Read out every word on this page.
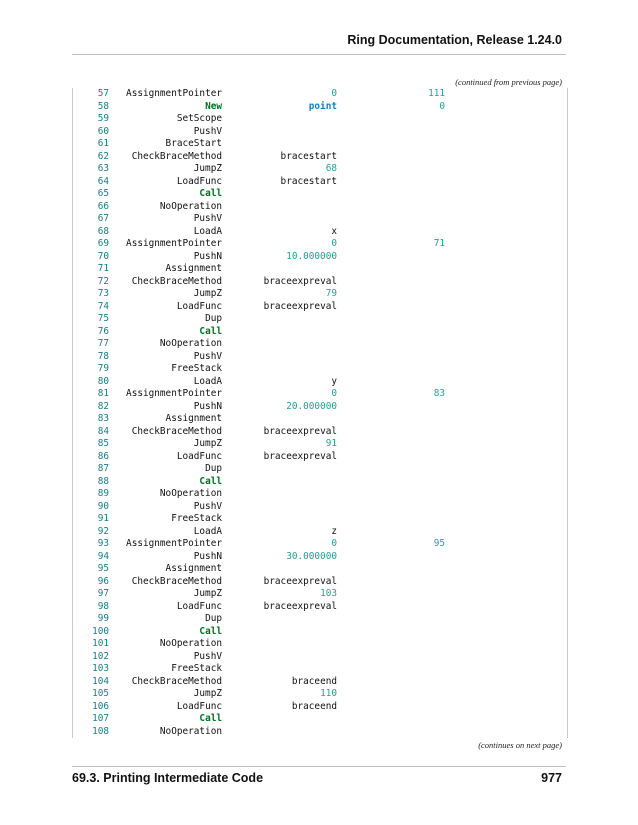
Ring Documentation, Release 1.24.0
(continued from previous page)
57 AssignmentPointer	0	111
58	New	point	0
59	SetScope
60	PushV
61	BraceStart
62 CheckBraceMethod	bracestart
63	JumpZ	68
64	LoadFunc	bracestart
65	Call
66	NoOperation
67	PushV
68	LoadA	x
69 AssignmentPointer	0	71
70	PushN	10.000000
71	Assignment
72 CheckBraceMethod	braceexpreval
73	JumpZ	79
74	LoadFunc	braceexpreval
75	Dup
76	Call
77	NoOperation
78	PushV
79	FreeStack
80	LoadA	y
81 AssignmentPointer	0	83
82	PushN	20.000000
83	Assignment
84 CheckBraceMethod	braceexpreval
85	JumpZ	91
86	LoadFunc	braceexpreval
87	Dup
88	Call
89	NoOperation
90	PushV
91	FreeStack
92	LoadA	z
93 AssignmentPointer	0	95
94	PushN	30.000000
95	Assignment
96 CheckBraceMethod	braceexpreval
97	JumpZ	103
98	LoadFunc	braceexpreval
99	Dup
100	Call
101	NoOperation
102	PushV
103	FreeStack
104 CheckBraceMethod	braceend
105	JumpZ	110
106	LoadFunc	braceend
107	Call
108	NoOperation
(continues on next page)
69.3. Printing Intermediate Code	977
